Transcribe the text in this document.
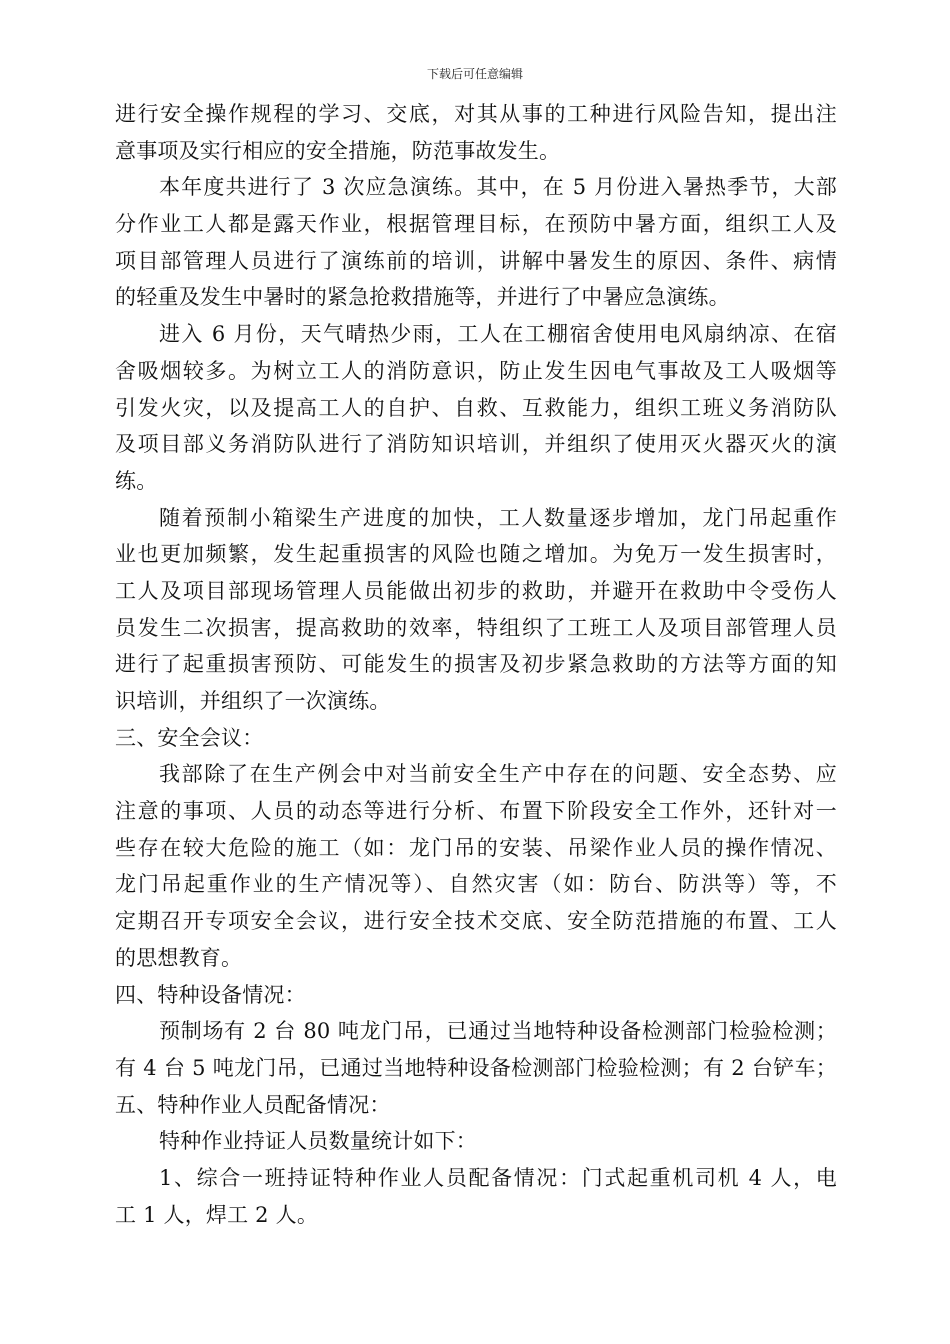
下载后可任意编辑
进行安全操作规程的学习、交底，对其从事的工种进行风险告知，提出注
意事项及实行相应的安全措施，防范事故发生。
本年度共进行了 3 次应急演练。其中，在 5 月份进入暑热季节，大部
分作业工人都是露天作业，根据管理目标，在预防中暑方面，组织工人及
项目部管理人员进行了演练前的培训，讲解中暑发生的原因、条件、病情
的轻重及发生中暑时的紧急抢救措施等，并进行了中暑应急演练。
进入 6 月份，天气晴热少雨，工人在工棚宿舍使用电风扇纳凉、在宿
舍吸烟较多。为树立工人的消防意识，防止发生因电气事故及工人吸烟等
引发火灾，以及提高工人的自护、自救、互救能力，组织工班义务消防队
及项目部义务消防队进行了消防知识培训，并组织了使用灭火器灭火的演
练。
随着预制小箱梁生产进度的加快，工人数量逐步增加，龙门吊起重作
业也更加频繁，发生起重损害的风险也随之增加。为免万一发生损害时，
工人及项目部现场管理人员能做出初步的救助，并避开在救助中令受伤人
员发生二次损害，提高救助的效率，特组织了工班工人及项目部管理人员
进行了起重损害预防、可能发生的损害及初步紧急救助的方法等方面的知
识培训，并组织了一次演练。
三、安全会议：
我部除了在生产例会中对当前安全生产中存在的问题、安全态势、应
注意的事项、人员的动态等进行分析、布置下阶段安全工作外，还针对一
些存在较大危险的施工（如：龙门吊的安装、吊梁作业人员的操作情况、
龙门吊起重作业的生产情况等）、自然灾害（如：防台、防洪等）等，不
定期召开专项安全会议，进行安全技术交底、安全防范措施的布置、工人
的思想教育。
四、特种设备情况：
预制场有 2 台 80 吨龙门吊，已通过当地特种设备检测部门检验检测；
有 4 台 5 吨龙门吊，已通过当地特种设备检测部门检验检测；有 2 台铲车；
五、特种作业人员配备情况：
特种作业持证人员数量统计如下：
1、综合一班持证特种作业人员配备情况：门式起重机司机 4 人，电
工 1 人，焊工 2 人。
